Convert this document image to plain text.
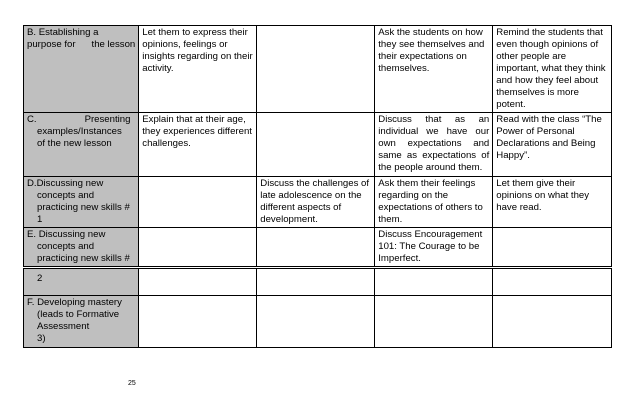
B. Establishing a
purpose for      the lesson	Let them to express their opinions, feelings or insights regarding on their activity.		Ask the students on how they see themselves and their expectations on themselves.	Remind the students that even though opinions of other people are important, what they think and how they feel about themselves is more potent.

C.                  Presenting
examples/Instances
of the new lesson	Explain that at their age, they experiences different challenges.		Discuss that as an individual we have our own expectations and same as expectations of the people around them.	Read with the class “The Power of Personal Declarations and Being Happy”.

D.Discussing new
concepts and
practicing new skills #
1		Discuss the challenges of late adolescence on the different aspects of development.	Ask them their feelings regarding on the expectations of others to them.	Let them give their opinions on what they have read.

E. Discussing new
concepts and
practicing new skills #			Discuss Encouragement 101: The Courage to be Imperfect.	
2				

F. Developing mastery
(leads to Formative
Assessment
3)				

25
